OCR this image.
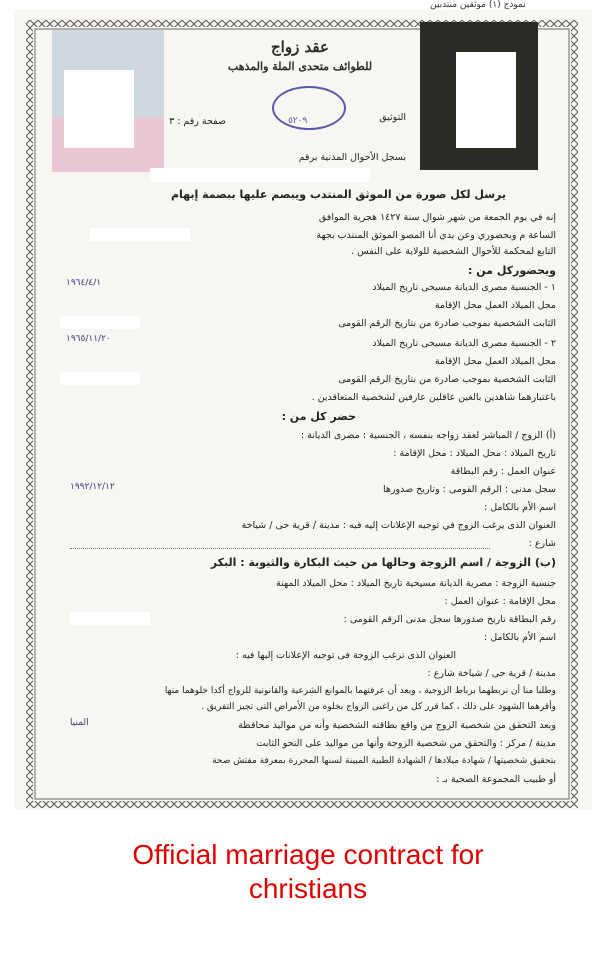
نموذج (١) موثقين منتدبين
عقد زواج
للطوائف متحدى الملة والمذهب
٥٢٠٩
صفحة رقم : ٣	التوثيق
بسجل الأحوال المدنية برقم
يرسل لكل صورة من الموثق المنتدب ويبصم عليها ببصمة إبهام
إنه في يوم الجمعة من شهر شوال سنة ١٤٢٧ هجرية الموافق
الساعة م وبحضوري وعن يدي أنا المصو الموثق المنتدب بجهة
التابع لمحكمة للأحوال الشخصية للولاية على النفس .
ويحضوركل من :
١ - الجنسية مصرى الديانة مسيحى تاريخ الميلاد
١٩٦٤/٤/١
محل الميلاد العمل محل الإقامة
الثابت الشخصية بموجب صادرة من بتاريخ الرقم القومى
٢ - الجنسية مصرى الديانة مسيحى تاريخ الميلاد
١٩٦٥/١١/٢٠
محل الميلاد العمل محل الإقامة
الثابت الشخصية بموجب صادرة من بتاريخ الرقم القومى
باعتبارهما شاهدين بالغين عاقلين عارفين لشخصية المتعاقدين .
حضر كل من :
(أ) الزوج / المباشر لعقد زواجه بنفسه ، الجنسية : مصرى الديانة :
تاريخ الميلاد : محل الميلاد : محل الإقامة :
عنوان العمل : رقم البطاقة
سجل مدنى : الرقم القومى : وتاريخ صدورها
١٩٩٢/١٢/١٢
اسم الأم بالكامل :
العنوان الذى يرغب الزوج في توجيه الإعلانات إليه فيه : مدينة / قرية حى / شياخة
شارع :
(ب) الزوجة / اسم الزوجة وحالها من حيث البكارة والثيوبة : البكر
جنسية الزوجة : مصرية الديانة مسيحية تاريخ الميلاد : محل الميلاد المهنة
محل الإقامة : عنوان العمل :
رقم البطاقة تاريخ صدورها سجل مدنى الرقم القومى :
اسم الأم بالكامل :
العنوان الذى ترغب الزوجة فى توجيه الإعلانات إليها فيه :
مدينة / قرية حى / شياخة شارع :
وطلبا منا أن نربطهما برباط الزوجية ، وبعد أن عرفتهما بالموانع الشرعية والقانونية للزواج أكدا خلوهما منها
وأقرهما الشهود على ذلك ، كما قرر كل من راغبى الزواج بخلوه من الأمراض التى تجيز التفريق .
وبعد التحقق من شخصية الزوج من واقع بطاقته الشخصية وأنه من مواليد محافظة
المنيا
مدينة / مركز : والتحقق من شخصية الزوجة وأنها من مواليد على النحو الثابت
بتحقيق شخصيتها / شهادة ميلادها / الشهادة الطبية المبينة لسنها المحررة بمعرفة مفتش صحة
أو طبيب المجموعة الصحية بـ :
Official marriage contract for
christians
